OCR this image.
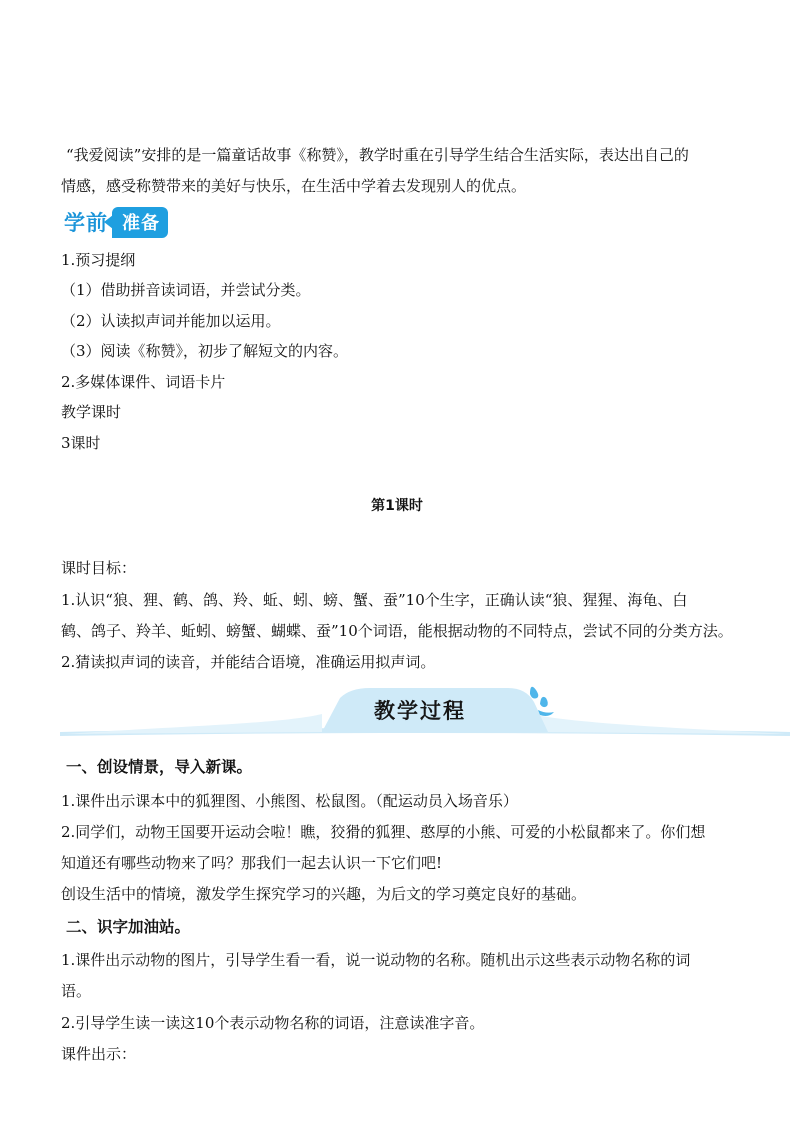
“我爱阅读”安排的是一篇童话故事《称赞》，教学时重在引导学生结合生活实际，表达出自己的
情感，感受称赞带来的美好与快乐，在生活中学着去发现别人的优点。
学前 准备
1.预习提纲
（1）借助拼音读词语，并尝试分类。
（2）认读拟声词并能加以运用。
（3）阅读《称赞》，初步了解短文的内容。
2.多媒体课件、词语卡片
教学课时
3课时
第1课时
课时目标：
1.认识“狼、狸、鹤、鸽、羚、蚯、蚓、螃、蟹、蚕”10个生字，正确认读“狼、猩猩、海龟、白
鹤、鸽子、羚羊、蚯蚓、螃蟹、蝴蝶、蚕”10个词语，能根据动物的不同特点，尝试不同的分类方法。
2.猜读拟声词的读音，并能结合语境，准确运用拟声词。
教学过程
一、创设情景，导入新课。
1.课件出示课本中的狐狸图、小熊图、松鼠图。（配运动员入场音乐）
2.同学们，动物王国要开运动会啦！瞧，狡猾的狐狸、憨厚的小熊、可爱的小松鼠都来了。你们想
知道还有哪些动物来了吗？那我们一起去认识一下它们吧!
创设生活中的情境，激发学生探究学习的兴趣，为后文的学习奠定良好的基础。
二、识字加油站。
1.课件出示动物的图片，引导学生看一看，说一说动物的名称。随机出示这些表示动物名称的词
语。
2.引导学生读一读这10个表示动物名称的词语，注意读准字音。
课件出示：
